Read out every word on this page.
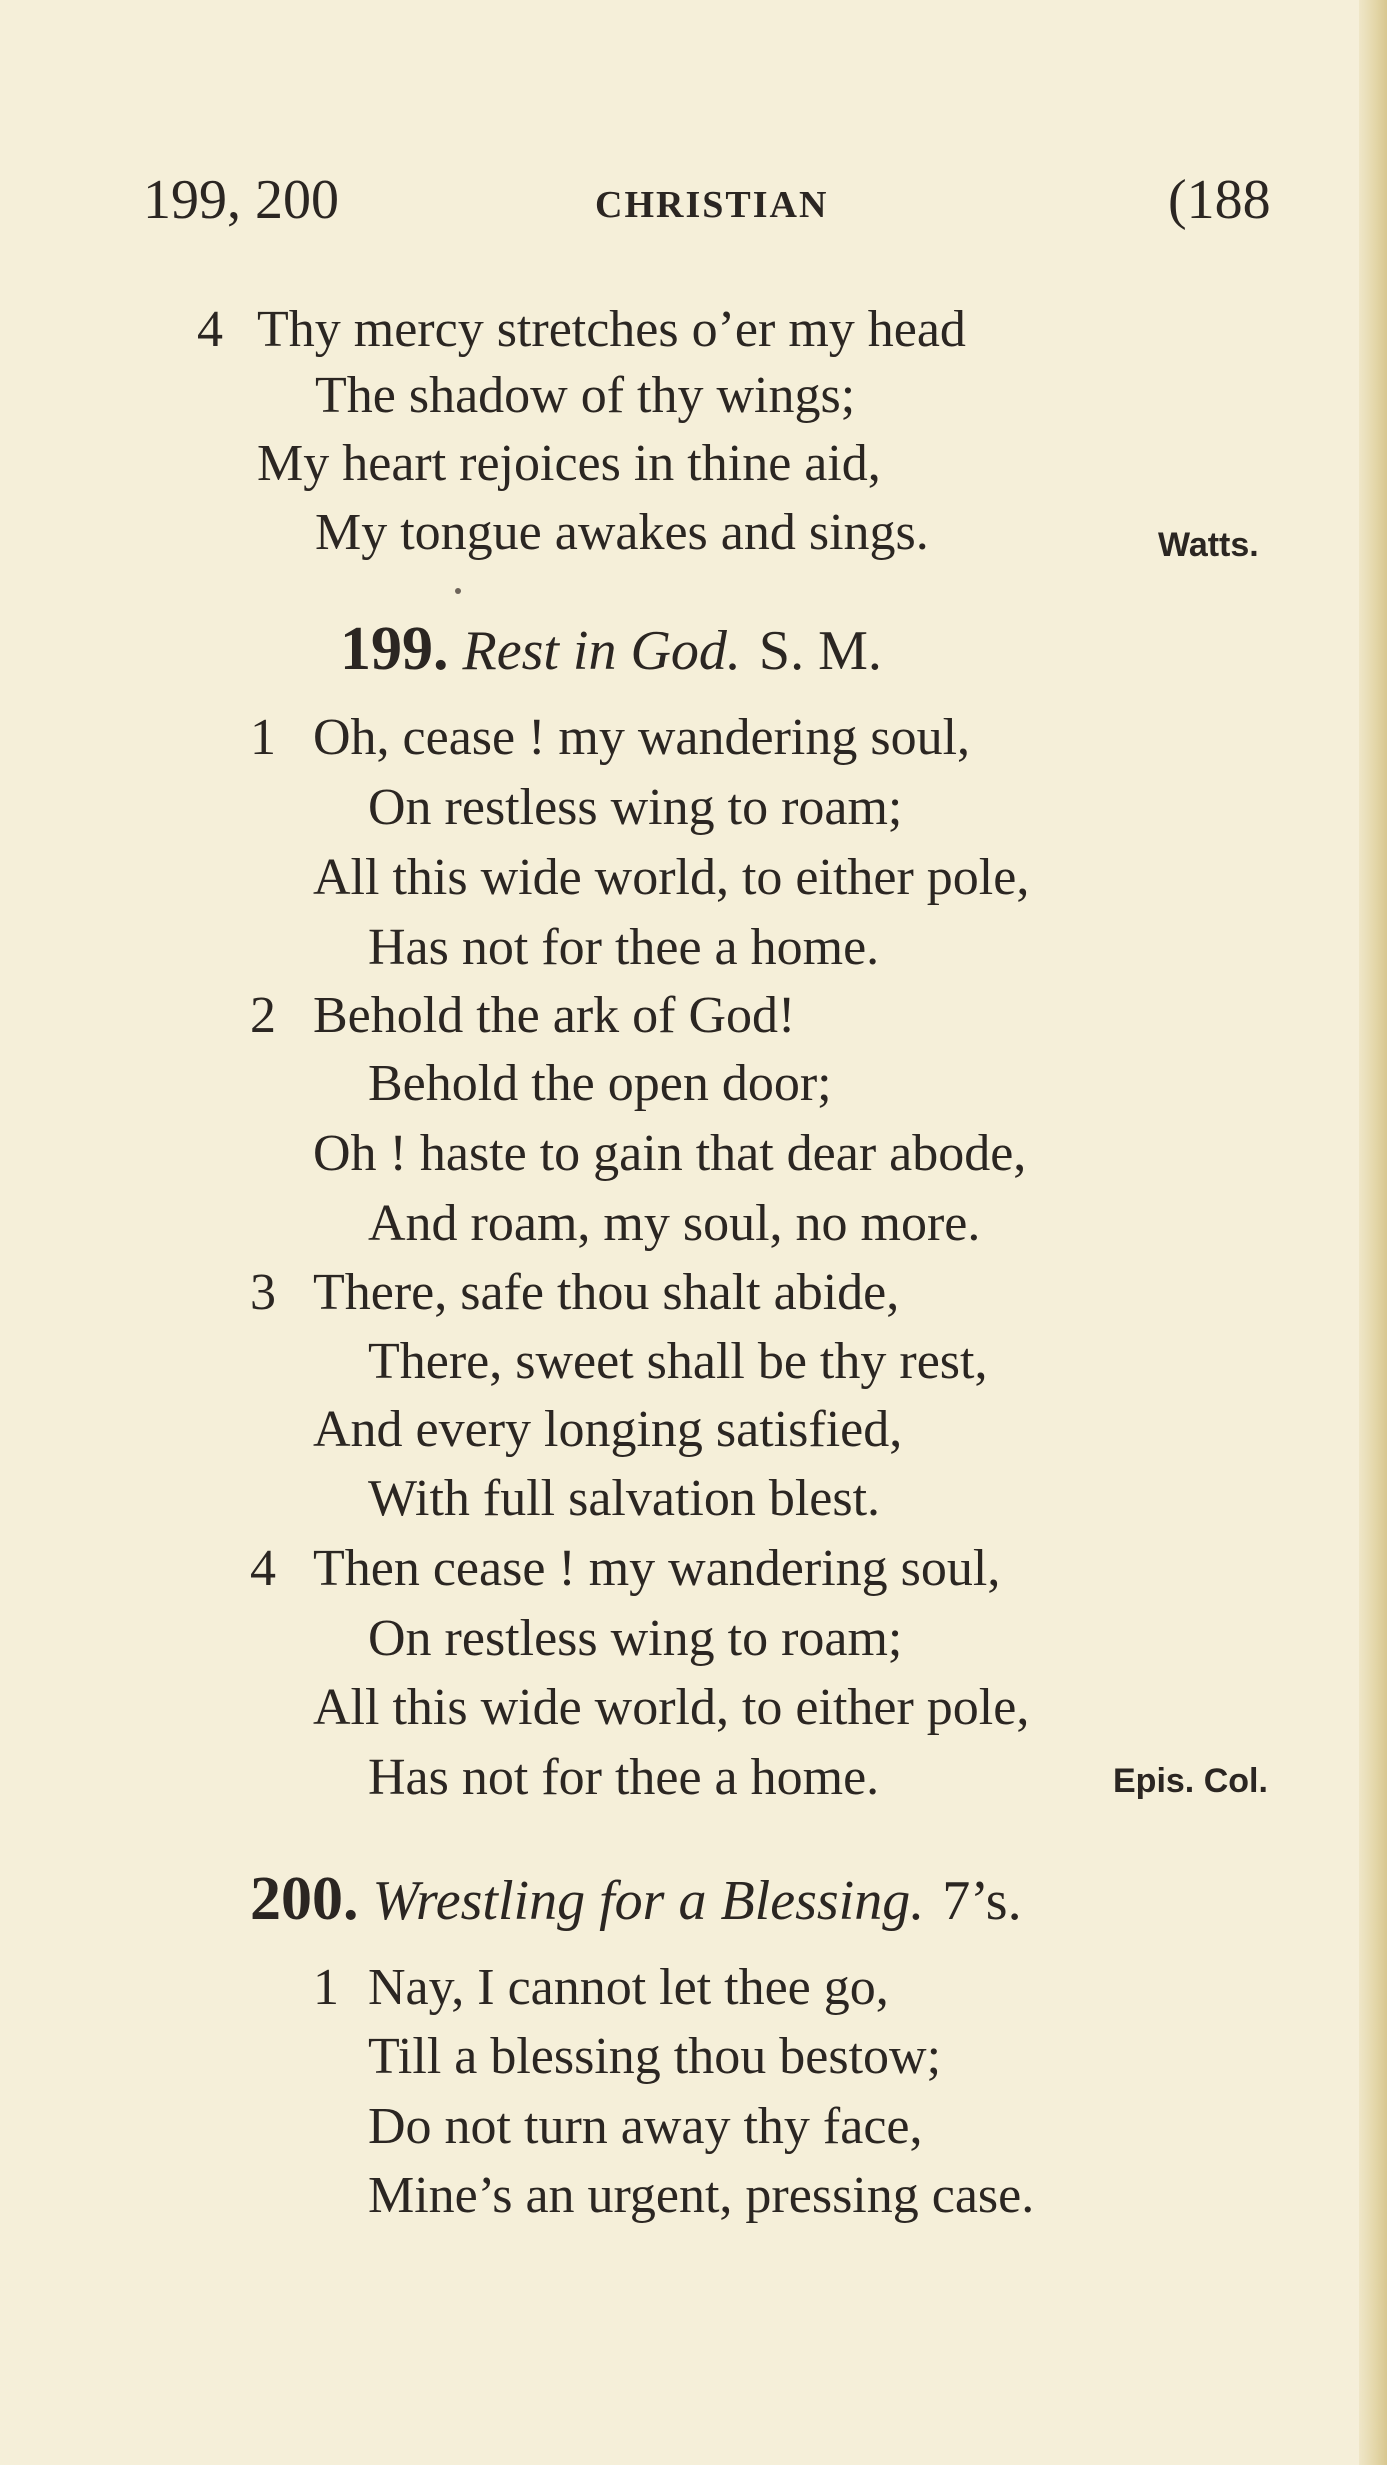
199, 200	CHRISTIAN	(188
4 Thy mercy stretches o’er my head
The shadow of thy wings;
My heart rejoices in thine aid,
My tongue awakes and sings.	Watts.
199. Rest in God. S. M.
1 Oh, cease ! my wandering soul,
On restless wing to roam;
All this wide world, to either pole,
Has not for thee a home.
2 Behold the ark of God!
Behold the open door;
Oh ! haste to gain that dear abode,
And roam, my soul, no more.
3 There, safe thou shalt abide,
There, sweet shall be thy rest,
And every longing satisfied,
With full salvation blest.
4 Then cease ! my wandering soul,
On restless wing to roam;
All this wide world, to either pole,
Has not for thee a home.	Epis. Col.
200. Wrestling for a Blessing. 7’s.
1 Nay, I cannot let thee go,
Till a blessing thou bestow;
Do not turn away thy face,
Mine’s an urgent, pressing case.
